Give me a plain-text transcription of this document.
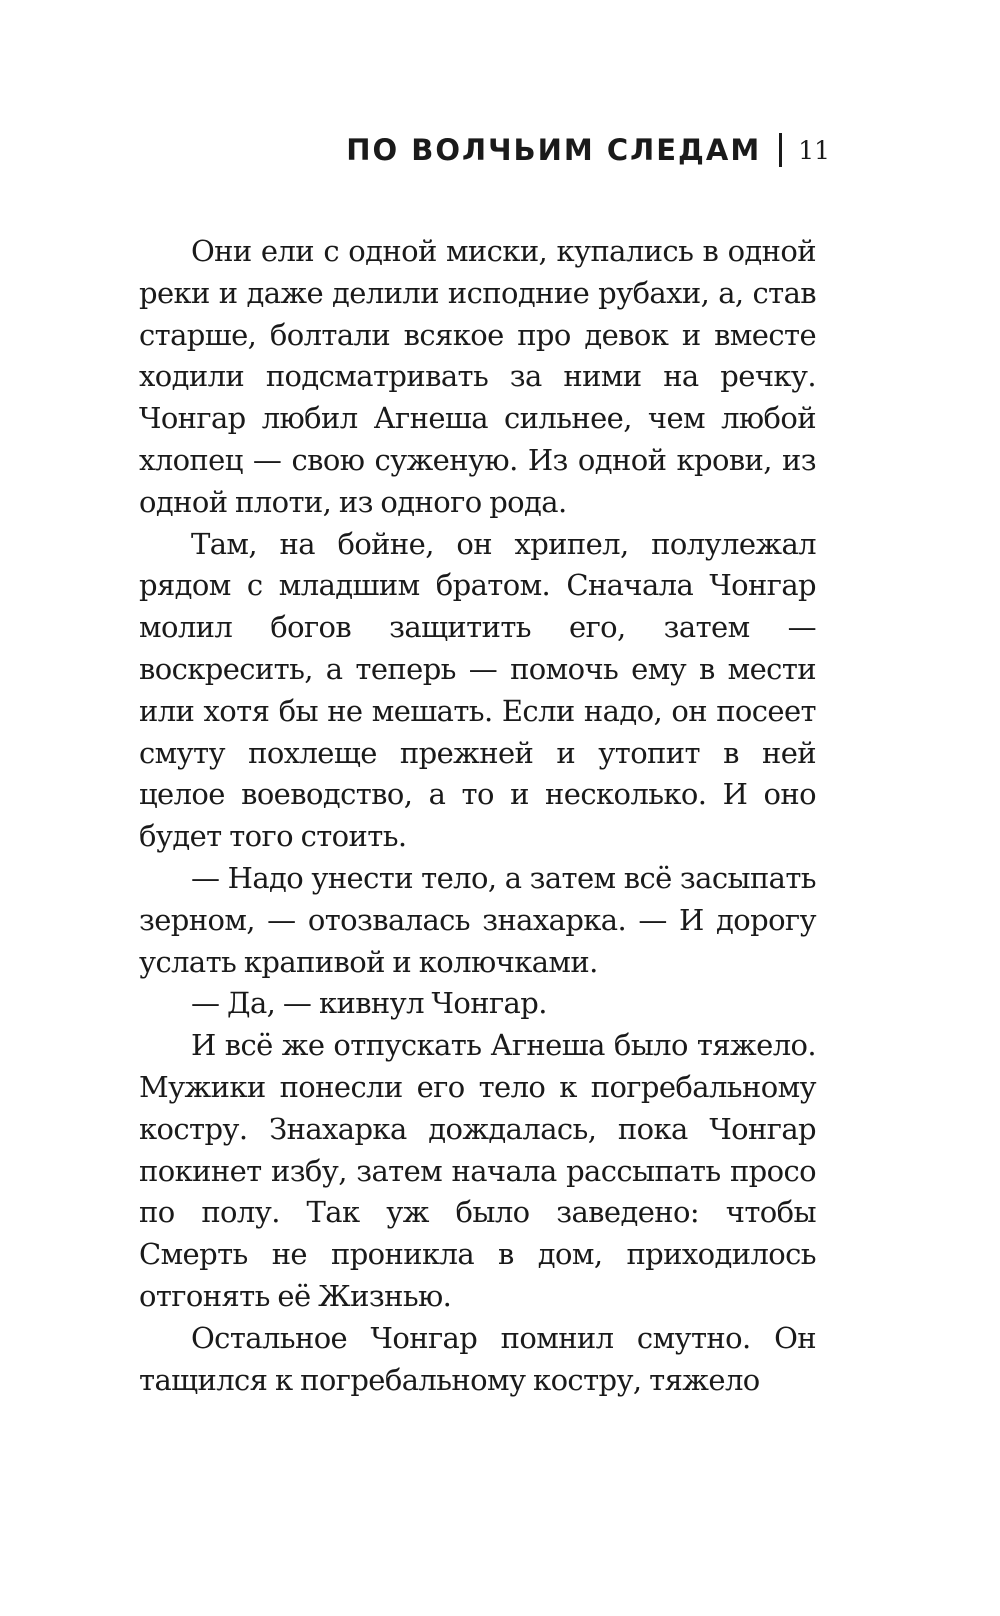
ПО ВОЛЧЬИМ СЛЕДАМ 11

Они ели с одной миски, купались в одной реки и даже делили исподние рубахи, а, став старше, болтали всякое про девок и вместе ходили подсматривать за ними на речку. Чонгар любил Агнеша сильнее, чем любой хлопец — свою суженую. Из одной крови, из одной плоти, из одного рода.

Там, на бойне, он хрипел, полулежал рядом с младшим братом. Сначала Чонгар молил богов защитить его, затем — воскресить, а теперь — помочь ему в мести или хотя бы не мешать. Если надо, он посеет смуту похлеще прежней и утопит в ней целое воеводство, а то и несколько. И оно будет того стоить.

— Надо унести тело, а затем всё засыпать зерном, — отозвалась знахарка. — И дорогу услать крапивой и колючками.

— Да, — кивнул Чонгар.

И всё же отпускать Агнеша было тяжело. Мужики понесли его тело к погребальному костру. Знахарка дождалась, пока Чонгар покинет избу, затем начала рассыпать просо по полу. Так уж было заведено: чтобы Смерть не проникла в дом, приходилось отгонять её Жизнью.

Остальное Чонгар помнил смутно. Он тащился к погребальному костру, тяжело
